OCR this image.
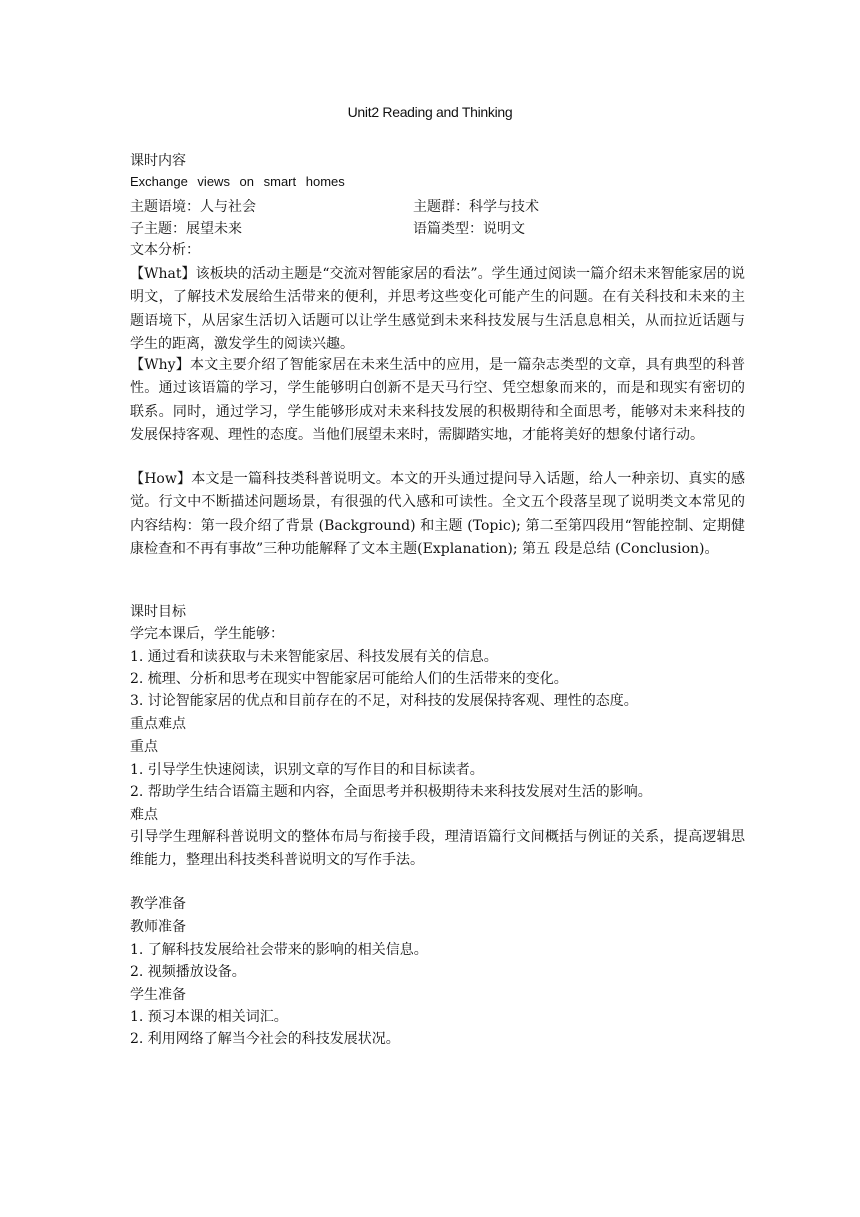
Unit2 Reading and Thinking
课时内容
Exchange views on smart homes
主题语境：人与社会	主题群：科学与技术
子主题：展望未来	语篇类型：说明文
文本分析：
【What】该板块的活动主题是“交流对智能家居的看法”。学生通过阅读一篇介绍未来智能家居的说明文，了解技术发展给生活带来的便利，并思考这些变化可能产生的问题。在有关科技和未来的主题语境下，从居家生活切入话题可以让学生感觉到未来科技发展与生活息息相关，从而拉近话题与学生的距离，激发学生的阅读兴趣。
【Why】本文主要介绍了智能家居在未来生活中的应用，是一篇杂志类型的文章，具有典型的科普性。通过该语篇的学习，学生能够明白创新不是天马行空、凭空想象而来的，而是和现实有密切的联系。同时，通过学习，学生能够形成对未来科技发展的积极期待和全面思考，能够对未来科技的发展保持客观、理性的态度。当他们展望未来时，需脚踏实地，才能将美好的想象付诸行动。
【How】本文是一篇科技类科普说明文。本文的开头通过提问导入话题，给人一种亲切、真实的感觉。行文中不断描述问题场景，有很强的代入感和可读性。全文五个段落呈现了说明类文本常见的内容结构：第一段介绍了背景 (Background) 和主题 (Topic); 第二至第四段用“智能控制、定期健康检查和不再有事故”三种功能解释了文本主题(Explanation); 第五 段是总结 (Conclusion)。
课时目标
学完本课后，学生能够：
1. 通过看和读获取与未来智能家居、科技发展有关的信息。
2. 梳理、分析和思考在现实中智能家居可能给人们的生活带来的变化。
3. 讨论智能家居的优点和目前存在的不足，对科技的发展保持客观、理性的态度。
重点难点
重点
1. 引导学生快速阅读，识别文章的写作目的和目标读者。
2. 帮助学生结合语篇主题和内容，全面思考并积极期待未来科技发展对生活的影响。
难点
引导学生理解科普说明文的整体布局与衔接手段，理清语篇行文间概括与例证的关系，提高逻辑思维能力，整理出科技类科普说明文的写作手法。
教学准备
教师准备
1. 了解科技发展给社会带来的影响的相关信息。
2. 视频播放设备。
学生准备
1. 预习本课的相关词汇。
2. 利用网络了解当今社会的科技发展状况。
